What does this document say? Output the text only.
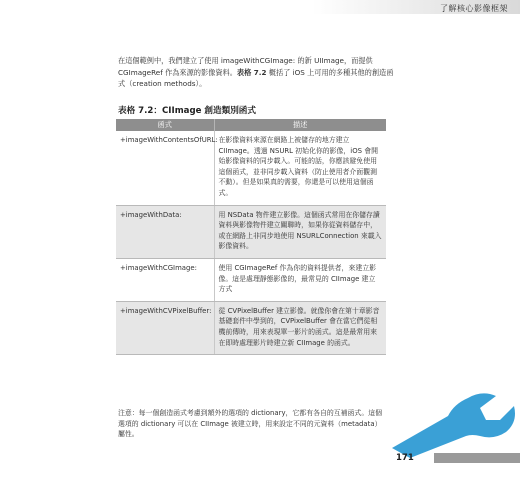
了解核心影像框架

在這個範例中，我們建立了使用 imageWithCGImage: 的新 UIImage，而提供 CGImageRef 作為來源的影像資料。表格 7.2 概括了 iOS 上可用的多種其他的創造函式（creation methods）。

表格 7.2：CIImage 創造類別函式
函式	描述
+imageWithContentsOfURL:	在影像資料來源在網路上被儲存的地方建立 CIImage。透過 NSURL 初始化你的影像，iOS 會開始影像資料的同步載入。可能的話，你應該避免使用這個函式，並非同步載入資料（防止使用者介面觀測不動）。但是如果真的需要，你還是可以使用這個函式。
+imageWithData:	用 NSData 物件建立影像。這個函式常用在你儲存讀資料與影像物件建立關聯時，如果你從資料儲存中，或在網路上非同步地使用 NSURLConnection 來載入影像資料。
+imageWithCGImage:	使用 CGImageRef 作為你的資料提供者，來建立影像。這是處理靜態影像的，最常見的 CIImage 建立方式
+imageWithCVPixelBuffer:	從 CVPixelBuffer 建立影像。就像你會在第十章影音基礎套件中學到的，CVPixelBuffer 會在當它們從相機前傳時，用來表現單一影片的函式。這是最常用來在即時處理影片時建立新 CIImage 的函式。

注意：每一個創造函式考慮到額外的選項的 dictionary，它都有各自的互補函式。這個選項的 dictionary 可以在 CIImage 被建立時，用來設定不同的元資料（metadata）屬性。

171
